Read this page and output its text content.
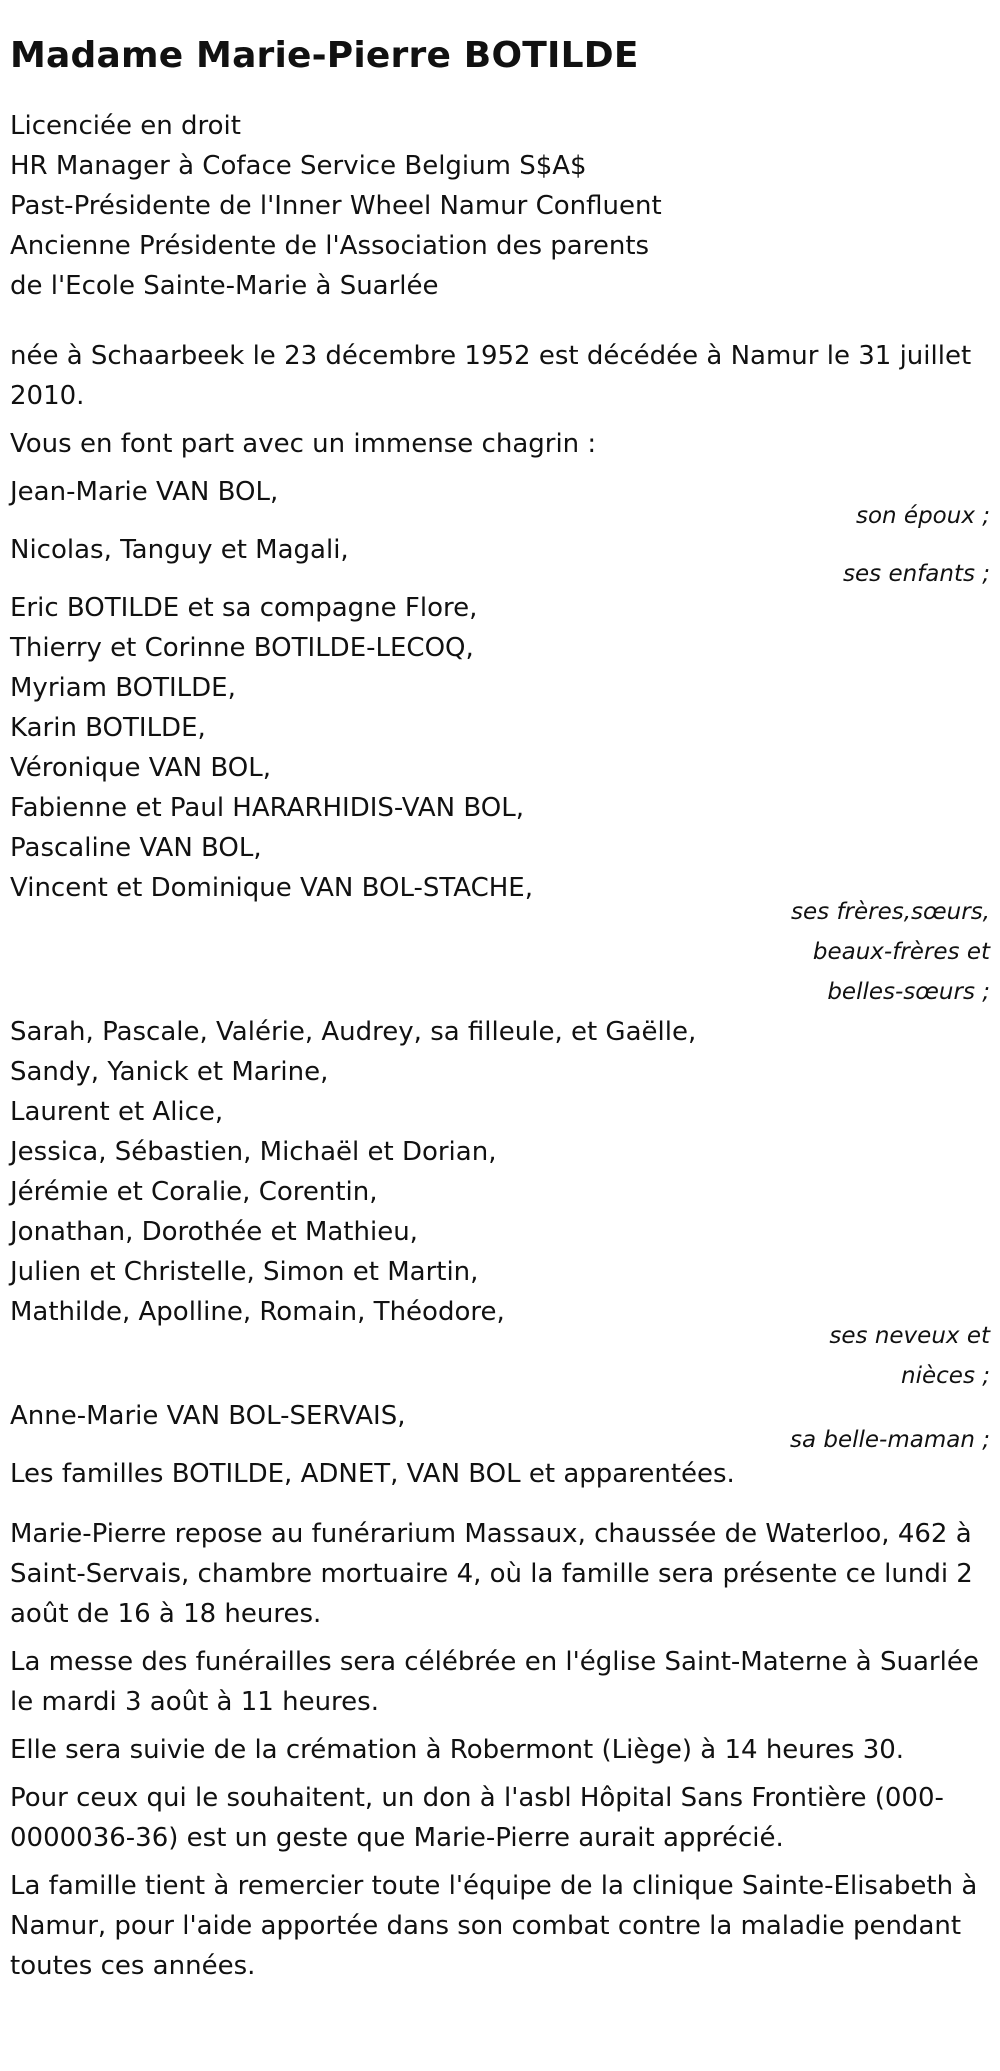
Madame Marie-Pierre BOTILDE
Licenciée en droit
HR Manager à Coface Service Belgium S$A$
Past-Présidente de l'Inner Wheel Namur Confluent
Ancienne Présidente de l'Association des parents
de l'Ecole Sainte-Marie à Suarlée
née à Schaarbeek le 23 décembre 1952 est décédée à Namur le 31 juillet 2010.
Vous en font part avec un immense chagrin :
Jean-Marie VAN BOL,
son époux ;
Nicolas, Tanguy et Magali,
ses enfants ;
Eric BOTILDE et sa compagne Flore,
Thierry et Corinne BOTILDE-LECOQ,
Myriam BOTILDE,
Karin BOTILDE,
Véronique VAN BOL,
Fabienne et Paul HARARHIDIS-VAN BOL,
Pascaline VAN BOL,
Vincent et Dominique VAN BOL-STACHE,
ses frères,sœurs,
beaux-frères et
belles-sœurs ;
Sarah, Pascale, Valérie, Audrey, sa filleule, et Gaëlle,
Sandy, Yanick et Marine,
Laurent et Alice,
Jessica, Sébastien, Michaël et Dorian,
Jérémie et Coralie, Corentin,
Jonathan, Dorothée et Mathieu,
Julien et Christelle, Simon et Martin,
Mathilde, Apolline, Romain, Théodore,
ses neveux et
nièces ;
Anne-Marie VAN BOL-SERVAIS,
sa belle-maman ;
Les familles BOTILDE, ADNET, VAN BOL et apparentées.
Marie-Pierre repose au funérarium Massaux, chaussée de Waterloo, 462 à Saint-Servais, chambre mortuaire 4, où la famille sera présente ce lundi 2 août de 16 à 18 heures.
La messe des funérailles sera célébrée en l'église Saint-Materne à Suarlée le mardi 3 août à 11 heures.
Elle sera suivie de la crémation à Robermont (Liège) à 14 heures 30.
Pour ceux qui le souhaitent, un don à l'asbl Hôpital Sans Frontière (000-0000036-36) est un geste que Marie-Pierre aurait apprécié.
La famille tient à remercier toute l'équipe de la clinique Sainte-Elisabeth à Namur, pour l'aide apportée dans son combat contre la maladie pendant toutes ces années.
